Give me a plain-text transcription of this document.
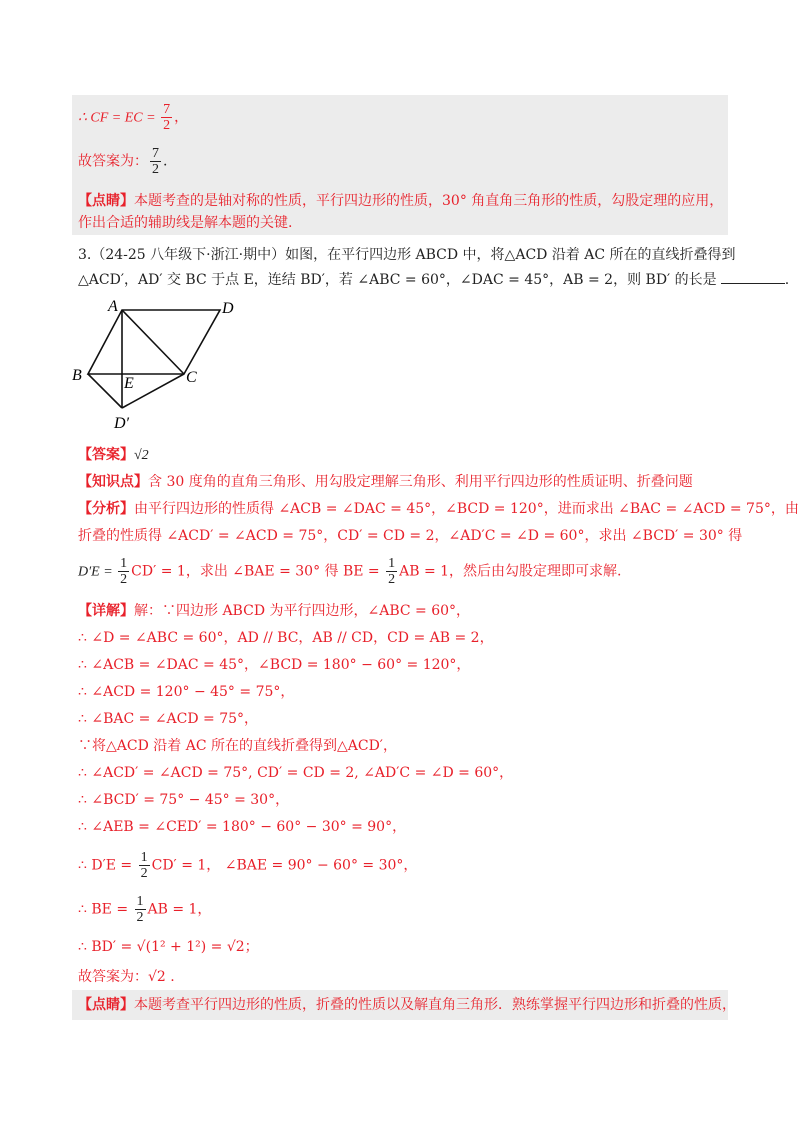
∴ CF = EC = $\frac{7}{2}$ ，
故答案为： $\frac{7}{2}$ .
【点睛】本题考查的是轴对称的性质，平行四边形的性质，30° 角直角三角形的性质，勾股定理的应用，
作出合适的辅助线是解本题的关键.
3.（24-25 八年级下·浙江·期中）如图，在平行四边形 ABCD 中，将△ACD 沿着 AC 所在的直线折叠得到
△ACD′，AD′ 交 BC 于点 E，连结 BD′，若 ∠ABC = 60°，∠DAC = 45°，AB = 2，则 BD′ 的长是	.
A	D
B	E	C
D′
【答案】√2
【知识点】含 30 度角的直角三角形、用勾股定理解三角形、利用平行四边形的性质证明、折叠问题
【分析】由平行四边形的性质得 ∠ACB = ∠DAC = 45°，∠BCD = 120°，进而求出 ∠BAC = ∠ACD = 75°，由
折叠的性质得 ∠ACD′ = ∠ACD = 75°，CD′ = CD = 2，∠AD′C = ∠D = 60°，求出 ∠BCD′ = 30° 得
$D'E = \frac{1}{2} CD' = 1$，求出 ∠BAE = 30° 得 BE = $\frac{1}{2}$ AB = 1，然后由勾股定理即可求解.
【详解】解：∵四边形 ABCD 为平行四边形，∠ABC = 60°，
∴ ∠D = ∠ABC = 60°，AD // BC，AB // CD，CD = AB = 2，
∴ ∠ACB = ∠DAC = 45°，∠BCD = 180° − 60° = 120°，
∴ ∠ACD = 120° − 45° = 75°，
∴ ∠BAC = ∠ACD = 75°，
∵将△ACD 沿着 AC 所在的直线折叠得到△ACD′，
∴ ∠ACD′ = ∠ACD = 75°, CD′ = CD = 2, ∠AD′C = ∠D = 60°，
∴ ∠BCD′ = 75° − 45° = 30°，
∴ ∠AEB = ∠CED′ = 180° − 60° − 30° = 90°，
∴ $D'E = \frac{1}{2} CD' = 1$， ∠BAE = 90° − 60° = 30°，
∴ BE = $\frac{1}{2}$ AB = 1，
∴ BD′ = √(1² + 1²) = √2；
故答案为：√2 .
【点睛】本题考查平行四边形的性质，折叠的性质以及解直角三角形．熟练掌握平行四边形和折叠的性质，
